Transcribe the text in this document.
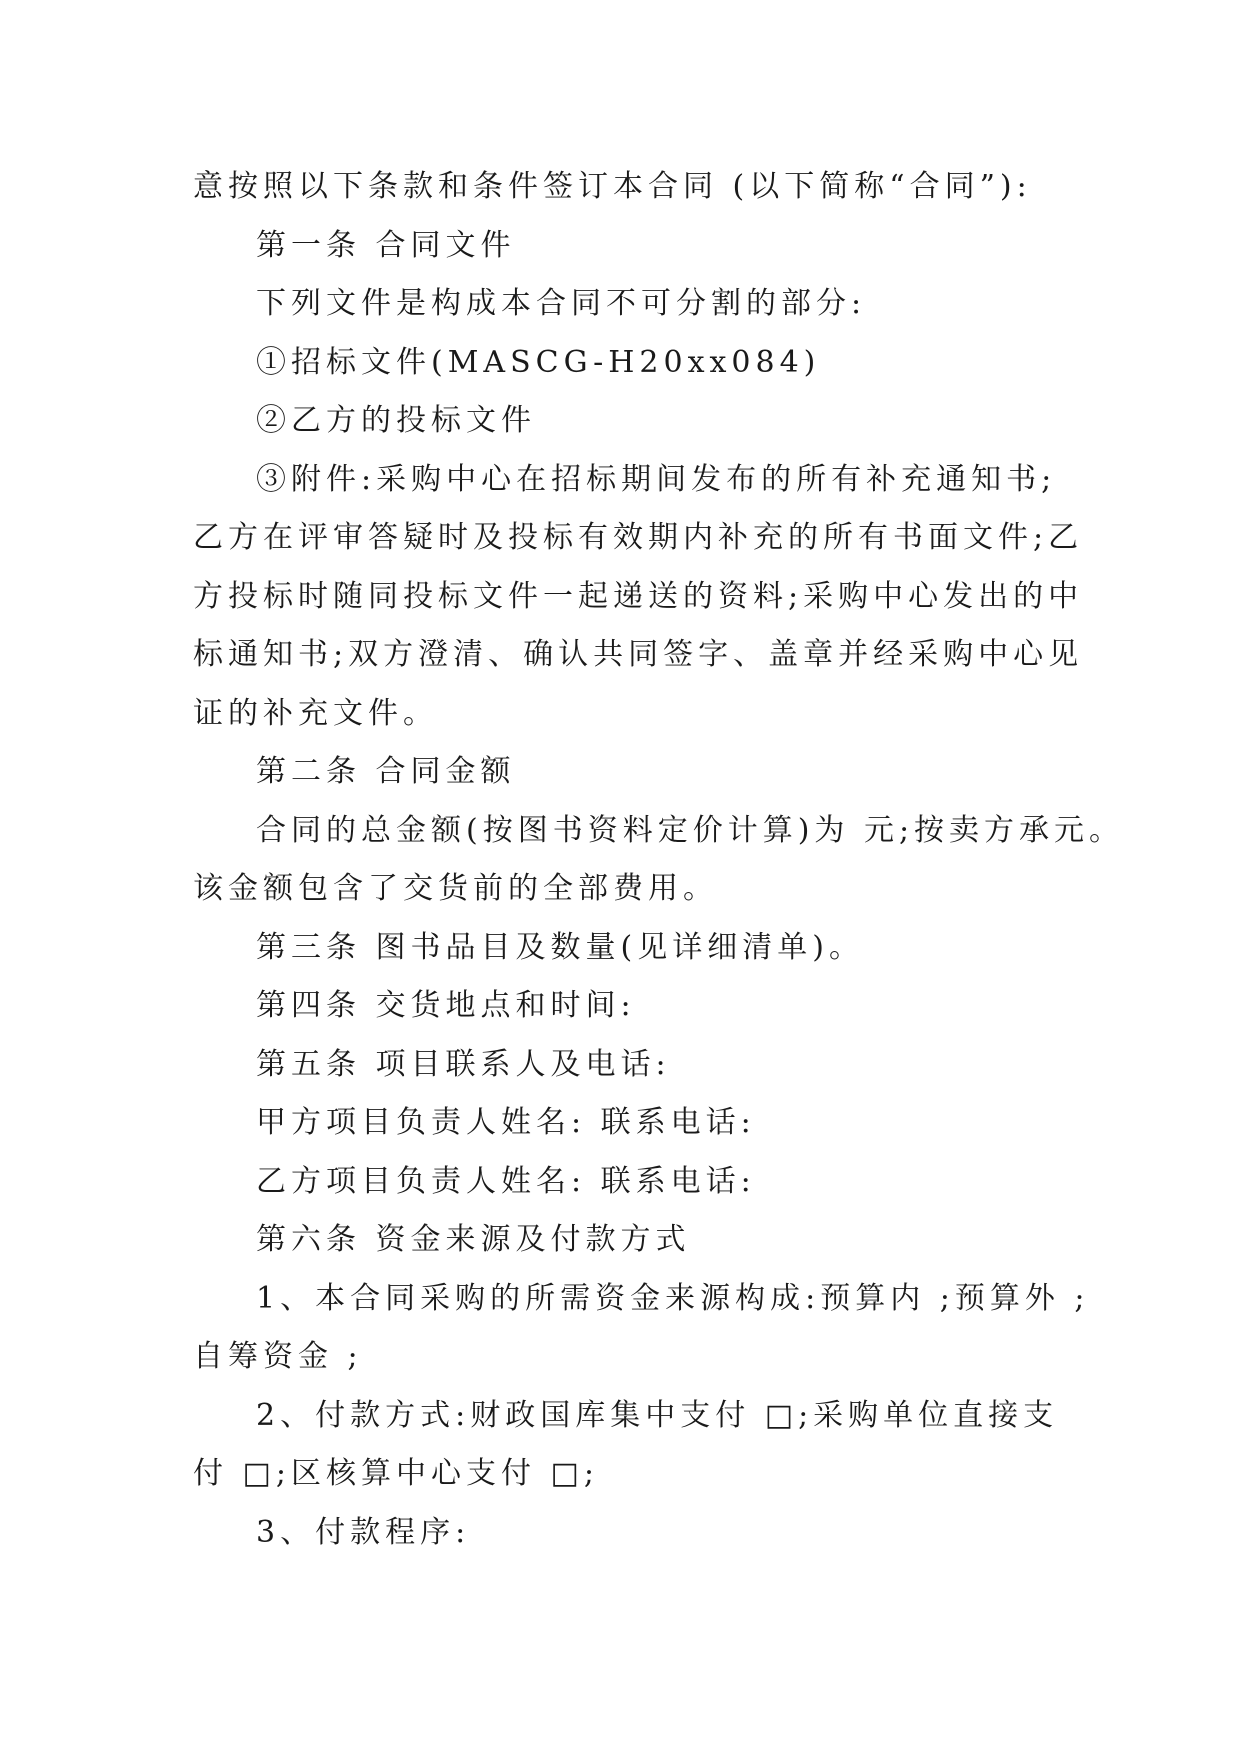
意按照以下条款和条件签订本合同 (以下简称“合同”):
第一条 合同文件
下列文件是构成本合同不可分割的部分:
①招标文件(MASCG-H20xx084)
②乙方的投标文件
③附件:采购中心在招标期间发布的所有补充通知书;
乙方在评审答疑时及投标有效期内补充的所有书面文件;乙
方投标时随同投标文件一起递送的资料;采购中心发出的中
标通知书;双方澄清、确认共同签字、盖章并经采购中心见
证的补充文件。
第二条 合同金额
合同的总金额(按图书资料定价计算)为 元;按卖方承元。
该金额包含了交货前的全部费用。
第三条 图书品目及数量(见详细清单)。
第四条 交货地点和时间:
第五条 项目联系人及电话:
甲方项目负责人姓名: 联系电话:
乙方项目负责人姓名: 联系电话:
第六条 资金来源及付款方式
1、本合同采购的所需资金来源构成:预算内 ;预算外 ;
自筹资金 ;
2、付款方式:财政国库集中支付 □;采购单位直接支
付 □;区核算中心支付 □;
3、付款程序:
